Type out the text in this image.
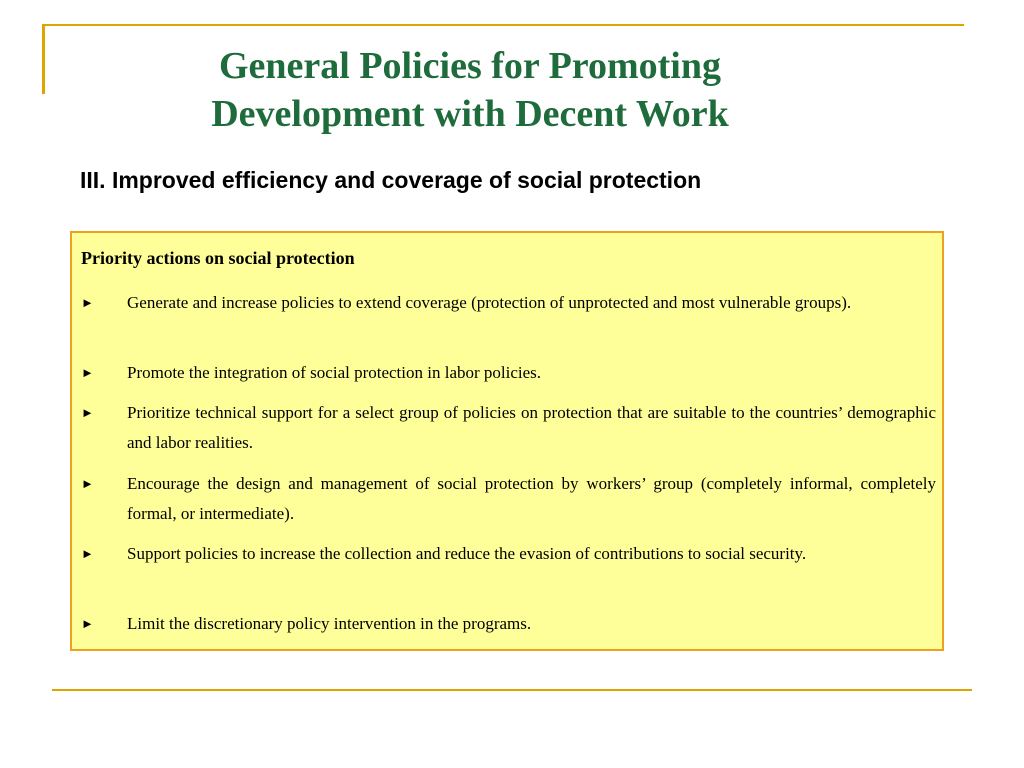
General Policies for Promoting
Development with Decent Work
III. Improved efficiency and coverage of social protection
Priority actions on social protection
► Generate and increase policies to extend coverage (protection of unprotected and most vulnerable groups).
► Promote the integration of social protection in labor policies.
► Prioritize technical support for a select group of policies on protection that are suitable to the countries’ demographic and labor realities.
► Encourage the design and management of social protection by workers’ group (completely informal, completely formal, or intermediate).
► Support policies to increase the collection and reduce the evasion of contributions to social security.
► Limit the discretionary policy intervention in the programs.
